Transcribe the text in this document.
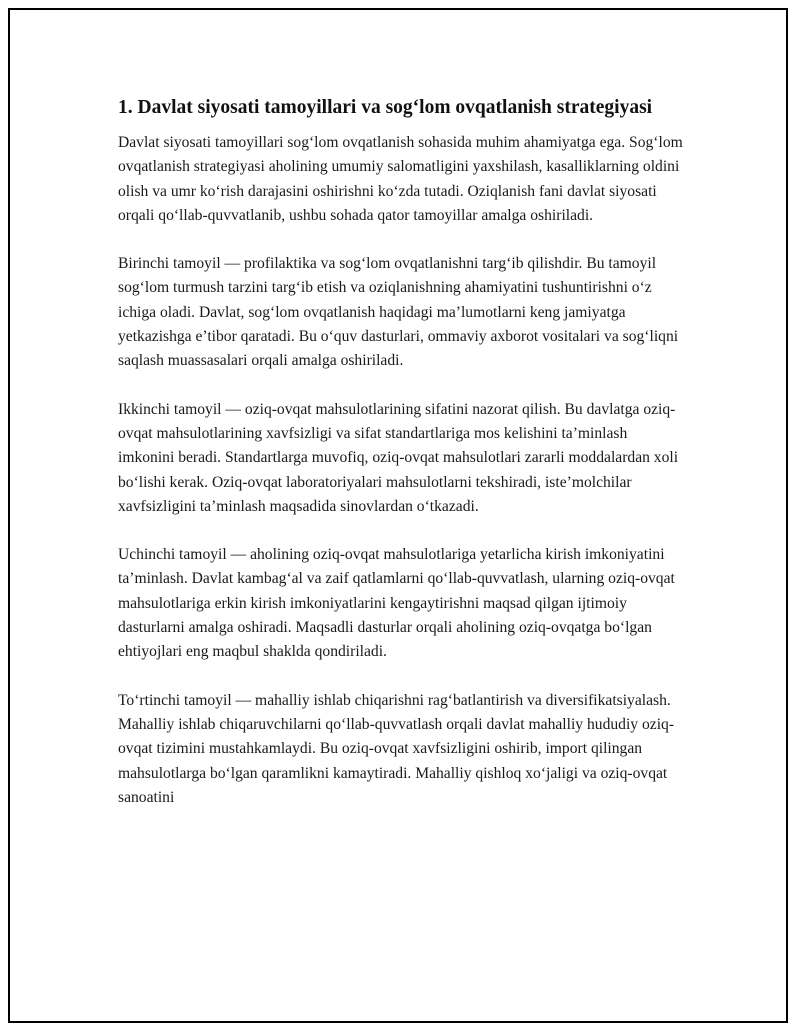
1. Davlat siyosati tamoyillari va sog‘lom ovqatlanish strategiyasi

Davlat siyosati tamoyillari sog‘lom ovqatlanish sohasida muhim ahamiyatga ega. Sog‘lom ovqatlanish strategiyasi aholining umumiy salomatligini yaxshilash, kasalliklarning oldini olish va umr ko‘rish darajasini oshirishni ko‘zda tutadi. Oziqlanish fani davlat siyosati orqali qo‘llab-quvvatlanib, ushbu sohada qator tamoyillar amalga oshiriladi.

Birinchi tamoyil — profilaktika va sog‘lom ovqatlanishni targ‘ib qilishdir. Bu tamoyil sog‘lom turmush tarzini targ‘ib etish va oziqlanishning ahamiyatini tushuntirishni o‘z ichiga oladi. Davlat, sog‘lom ovqatlanish haqidagi ma’lumotlarni keng jamiyatga yetkazishga e’tibor qaratadi. Bu o‘quv dasturlari, ommaviy axborot vositalari va sog‘liqni saqlash muassasalari orqali amalga oshiriladi.

Ikkinchi tamoyil — oziq-ovqat mahsulotlarining sifatini nazorat qilish. Bu davlatga oziq-ovqat mahsulotlarining xavfsizligi va sifat standartlariga mos kelishini ta’minlash imkonini beradi. Standartlarga muvofiq, oziq-ovqat mahsulotlari zararli moddalardan xoli bo‘lishi kerak. Oziq-ovqat laboratoriyalari mahsulotlarni tekshiradi, iste’molchilar xavfsizligini ta’minlash maqsadida sinovlardan o‘tkazadi.

Uchinchi tamoyil — aholining oziq-ovqat mahsulotlariga yetarlicha kirish imkoniyatini ta’minlash. Davlat kambag‘al va zaif qatlamlarni qo‘llab-quvvatlash, ularning oziq-ovqat mahsulotlariga erkin kirish imkoniyatlarini kengaytirishni maqsad qilgan ijtimoiy dasturlarni amalga oshiradi. Maqsadli dasturlar orqali aholining oziq-ovqatga bo‘lgan ehtiyojlari eng maqbul shaklda qondiriladi.

To‘rtinchi tamoyil — mahalliy ishlab chiqarishni rag‘batlantirish va diversifikatsiyalash. Mahalliy ishlab chiqaruvchilarni qo‘llab-quvvatlash orqali davlat mahalliy hududiy oziq-ovqat tizimini mustahkamlaydi. Bu oziq-ovqat xavfsizligini oshirib, import qilingan mahsulotlarga bo‘lgan qaramlikni kamaytiradi. Mahalliy qishloq xo‘jaligi va oziq-ovqat sanoatini
